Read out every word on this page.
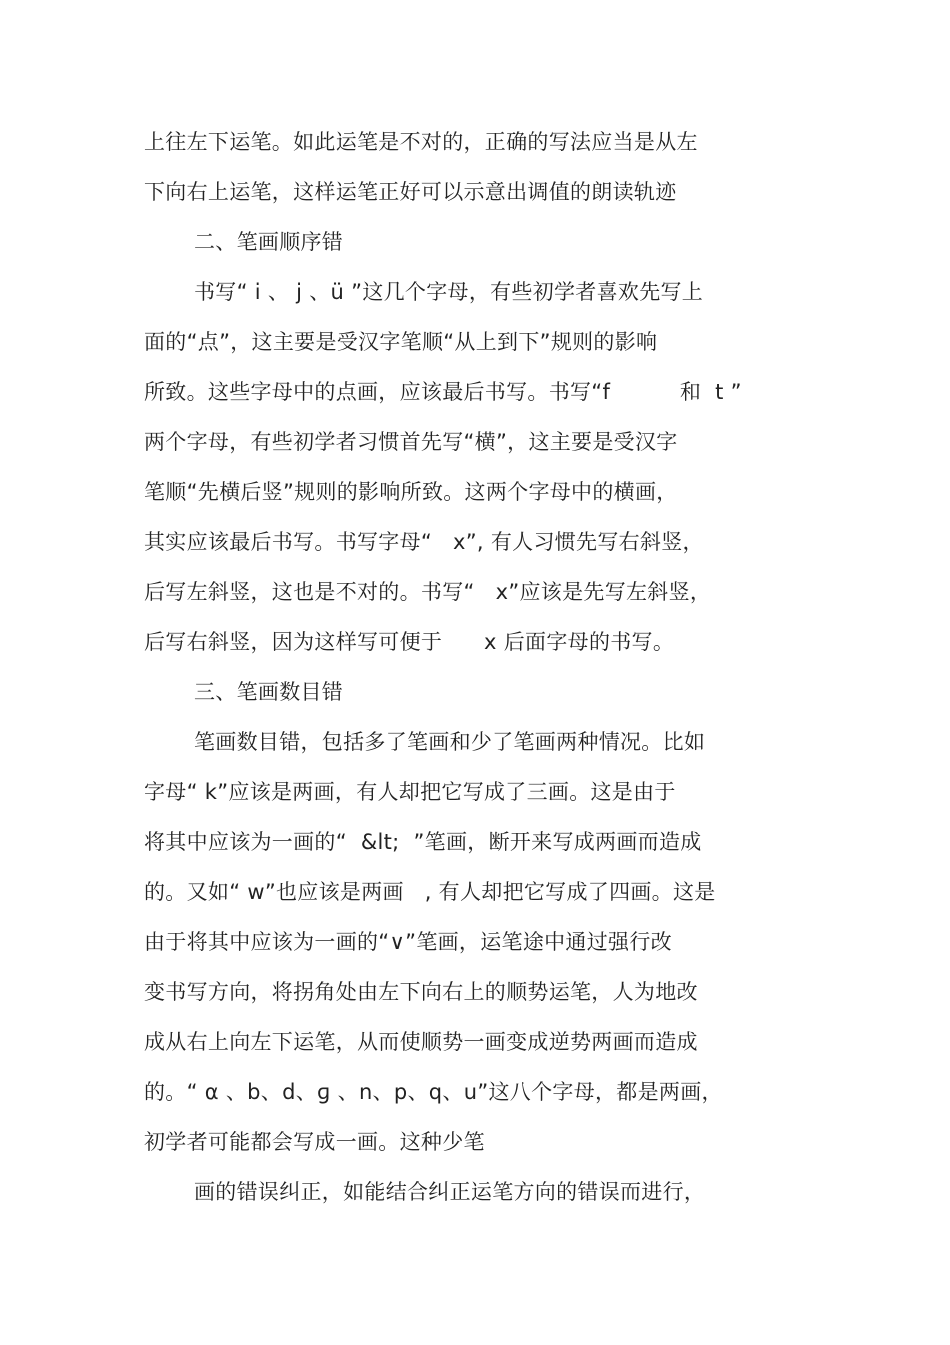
上往左下运笔。如此运笔是不对的，正确的写法应当是从左
下向右上运笔，这样运笔正好可以示意出调值的朗读轨迹
二、笔画顺序错
书写“ i 、 j 、ü ”这几个字母，有些初学者喜欢先写上
面的“点”，这主要是受汉字笔顺“从上到下”规则的影响
所致。这些字母中的点画，应该最后书写。书写“f          和  t ”
两个字母，有些初学者习惯首先写“横”，这主要是受汉字
笔顺“先横后竖”规则的影响所致。这两个字母中的横画，
其实应该最后书写。书写字母“   x”, 有人习惯先写右斜竖，
后写左斜竖，这也是不对的。书写“   x”应该是先写左斜竖，
后写右斜竖，因为这样写可便于      x 后面字母的书写。
三、笔画数目错
笔画数目错，包括多了笔画和少了笔画两种情况。比如
字母“ k”应该是两画，有人却把它写成了三画。这是由于
将其中应该为一画的“  &lt;  ”笔画，断开来写成两画而造成
的。又如“ w”也应该是两画   , 有人却把它写成了四画。这是
由于将其中应该为一画的“∨”笔画，运笔途中通过强行改
变书写方向，将拐角处由左下向右上的顺势运笔，人为地改
成从右上向左下运笔，从而使顺势一画变成逆势两画而造成
的。“ α 、b、d、ɡ 、n、p、q、u”这八个字母，都是两画，
初学者可能都会写成一画。这种少笔
画的错误纠正，如能结合纠正运笔方向的错误而进行，
